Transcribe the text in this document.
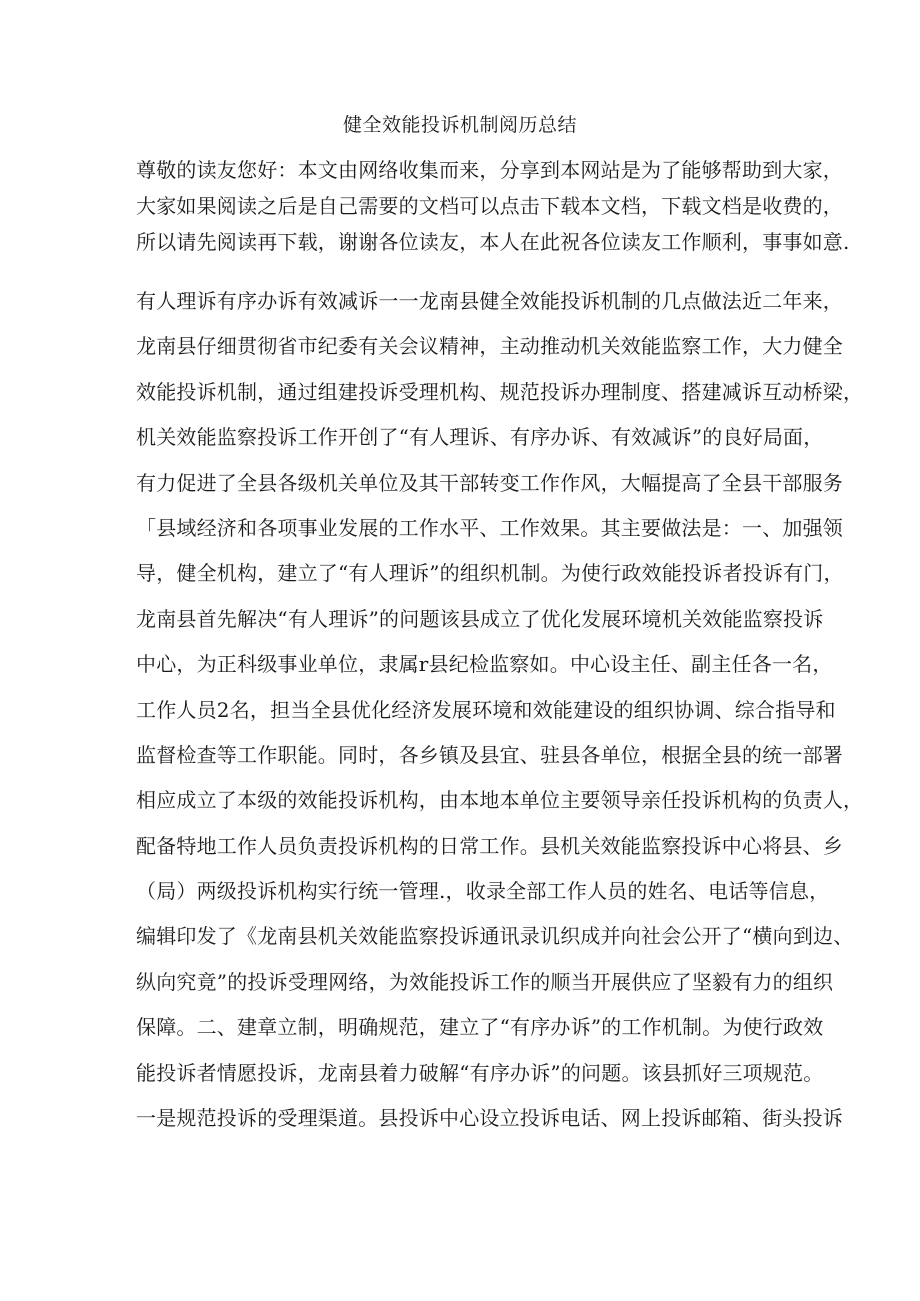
健全效能投诉机制阅历总结
尊敬的读友您好：本文由网络收集而来，分享到本网站是为了能够帮助到大家，
大家如果阅读之后是自己需要的文档可以点击下载本文档，下载文档是收费的，
所以请先阅读再下载，谢谢各位读友，本人在此祝各位读友工作顺利，事事如意.
有人理诉有序办诉有效减诉一一龙南县健全效能投诉机制的几点做法近二年来，
龙南县仔细贯彻省市纪委有关会议精神，主动推动机关效能监察工作，大力健全
效能投诉机制，通过组建投诉受理机构、规范投诉办理制度、搭建减诉互动桥梁，
机关效能监察投诉工作开创了“有人理诉、有序办诉、有效减诉”的良好局面，
有力促进了全县各级机关单位及其干部转变工作作风，大幅提高了全县干部服务
「县域经济和各项事业发展的工作水平、工作效果。其主要做法是：一、加强领
导，健全机构，建立了“有人理诉”的组织机制。为使行政效能投诉者投诉有门，
龙南县首先解决“有人理诉”的问题该县成立了优化发展环境机关效能监察投诉
中心，为正科级事业单位，隶属r县纪检监察如。中心设主任、副主任各一名，
工作人员2名，担当全县优化经济发展环境和效能建设的组织协调、综合指导和
监督检查等工作职能。同时，各乡镇及县宜、驻县各单位，根据全县的统一部署
相应成立了本级的效能投诉机构，由本地本单位主要领导亲任投诉机构的负责人，
配备特地工作人员负责投诉机构的日常工作。县机关效能监察投诉中心将县、乡
（局）两级投诉机构实行统一管理.，收录全部工作人员的姓名、电话等信息，
编辑印发了《龙南县机关效能监察投诉通讯录讥织成并向社会公开了“横向到边、
纵向究竟”的投诉受理网络，为效能投诉工作的顺当开展供应了坚毅有力的组织
保障。二、建章立制，明确规范，建立了“有序办诉”的工作机制。为使行政效
能投诉者情愿投诉，龙南县着力破解“有序办诉”的问题。该县抓好三项规范。
一是规范投诉的受理渠道。县投诉中心设立投诉电话、网上投诉邮箱、街头投诉
